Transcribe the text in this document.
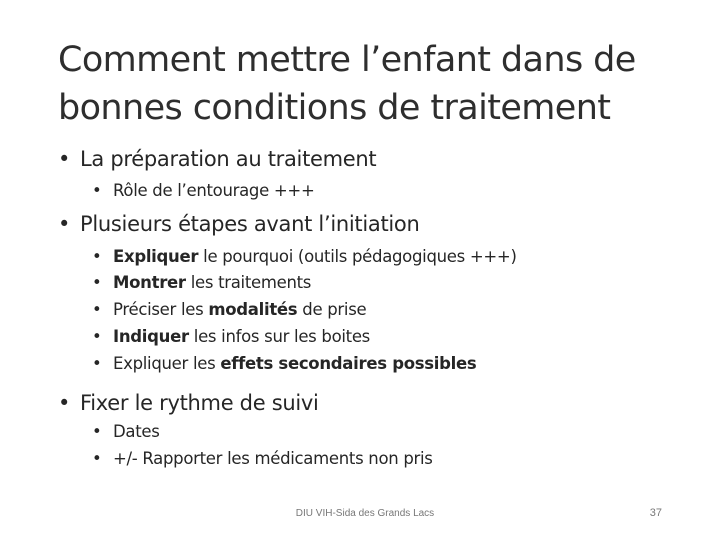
Comment mettre l’enfant dans de
bonnes conditions de traitement
• La préparation au traitement
• Rôle de l’entourage +++
• Plusieurs étapes avant l’initiation
• Expliquer le pourquoi (outils pédagogiques +++)
• Montrer les traitements
• Préciser les modalités de prise
• Indiquer les infos sur les boites
• Expliquer les effets secondaires possibles
• Fixer le rythme de suivi
• Dates
• +/- Rapporter les médicaments non pris
DIU VIH-Sida des Grands Lacs	37
